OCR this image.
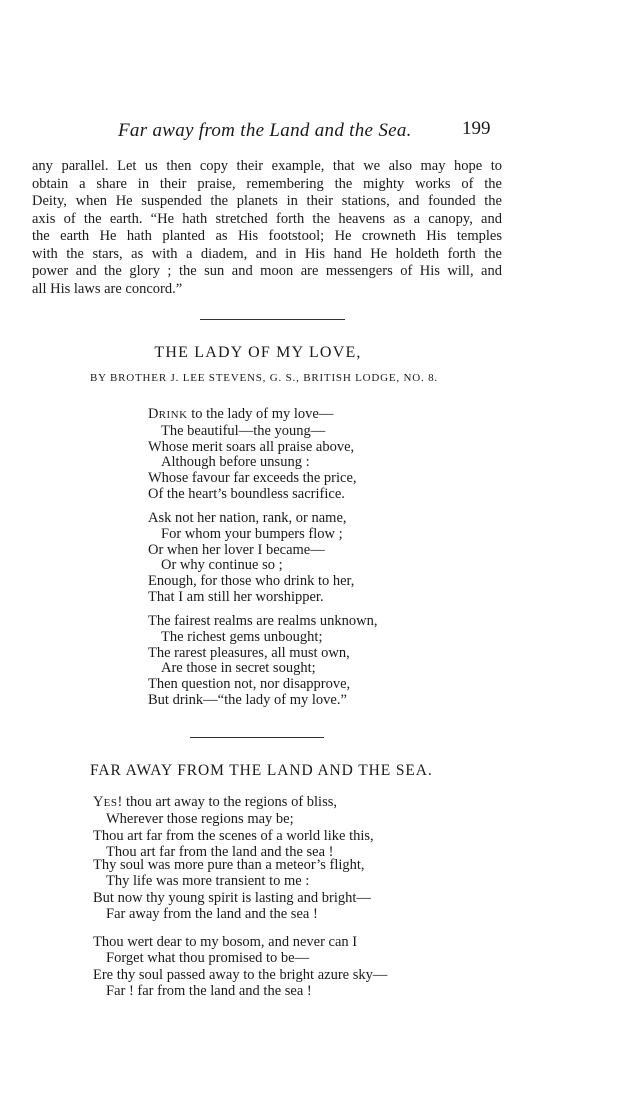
Far away from the Land and the Sea.	199
any parallel. Let us then copy their example, that we also may hope to
obtain a share in their praise, remembering the mighty works of the
Deity, when He suspended the planets in their stations, and founded the
axis of the earth. “He hath stretched forth the heavens as a canopy, and
the earth He hath planted as His footstool; He crowneth His temples
with the stars, as with a diadem, and in His hand He holdeth forth the
power and the glory ; the sun and moon are messengers of His will, and
all His laws are concord.”
THE LADY OF MY LOVE,
BY BROTHER J. LEE STEVENS, G. S., BRITISH LODGE, NO. 8.
DRINK to the lady of my love—
The beautiful—the young—
Whose merit soars all praise above,
Although before unsung :
Whose favour far exceeds the price,
Of the heart’s boundless sacrifice.
Ask not her nation, rank, or name,
For whom your bumpers flow ;
Or when her lover I became—
Or why continue so ;
Enough, for those who drink to her,
That I am still her worshipper.
The fairest realms are realms unknown,
The richest gems unbought;
The rarest pleasures, all must own,
Are those in secret sought;
Then question not, nor disapprove,
But drink—“the lady of my love.”
FAR AWAY FROM THE LAND AND THE SEA.
YES! thou art away to the regions of bliss,
Wherever those regions may be;
Thou art far from the scenes of a world like this,
Thou art far from the land and the sea !
Thy soul was more pure than a meteor’s flight,
Thy life was more transient to me :
But now thy young spirit is lasting and bright—
Far away from the land and the sea !
Thou wert dear to my bosom, and never can I
Forget what thou promised to be—
Ere thy soul passed away to the bright azure sky—
Far ! far from the land and the sea !
